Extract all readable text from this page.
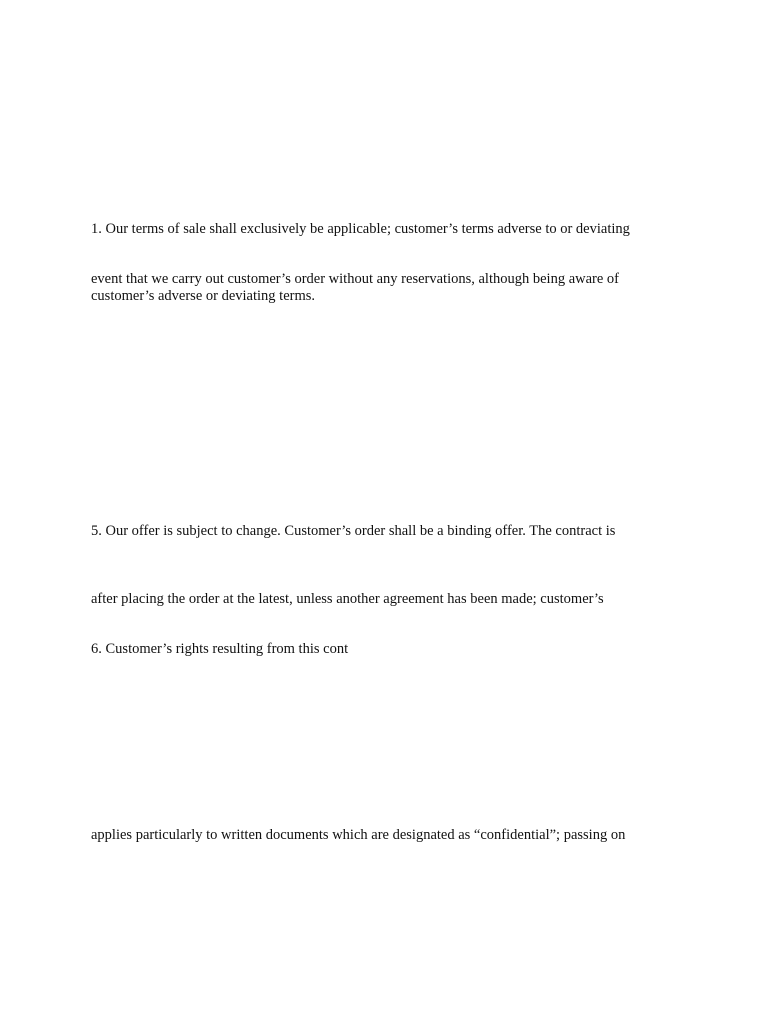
1. Our terms of sale shall exclusively be applicable; customer’s terms adverse to or deviating

event that we carry out customer’s order without any reservations, although being aware of

customer’s adverse or deviating terms.

5. Our offer is subject to change. Customer’s order shall be a binding offer. The contract is

after placing the order at the latest, unless another agreement has been made; customer’s

6. Customer’s rights resulting from this cont

applies particularly to written documents which are designated as “confidential”; passing on
